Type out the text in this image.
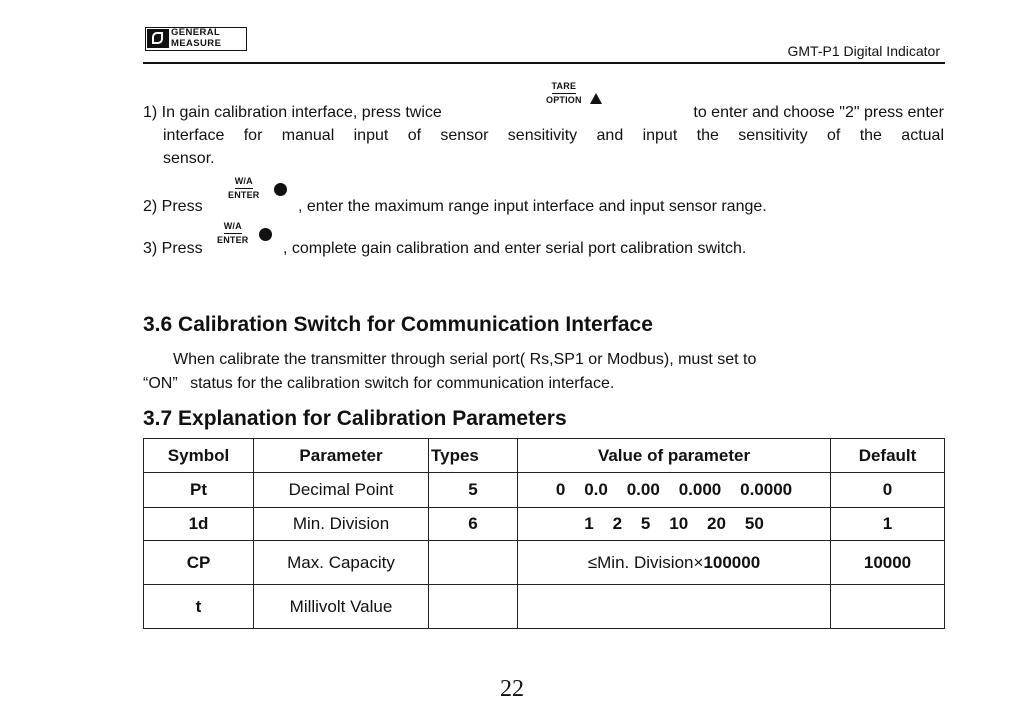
GENERAL
MEASURE	GMT-P1 Digital Indicator
TARE
OPTION
1) In gain calibration interface, press twice	to enter and choose "2" press enter
interface for manual input of sensor sensitivity and input the sensitivity of the actual
sensor.
W/A
ENTER
2) Press	, enter the maximum range input interface and input sensor range.
W/A
ENTER
3) Press	, complete gain calibration and enter serial port calibration switch.
3.6 Calibration Switch for Communication Interface
When calibrate the transmitter through serial port( Rs,SP1 or Modbus), must set to
“ON” status for the calibration switch for communication interface.
3.7 Explanation for Calibration Parameters
Symbol	Parameter	Types	Value of parameter	Default
Pt	Decimal Point	5	0    0.0    0.00    0.000    0.0000	0
1d	Min. Division	6	1    2    5    10    20    50	1
CP	Max. Capacity		≤Min. Division×100000	10000
t	Millivolt Value			
22
